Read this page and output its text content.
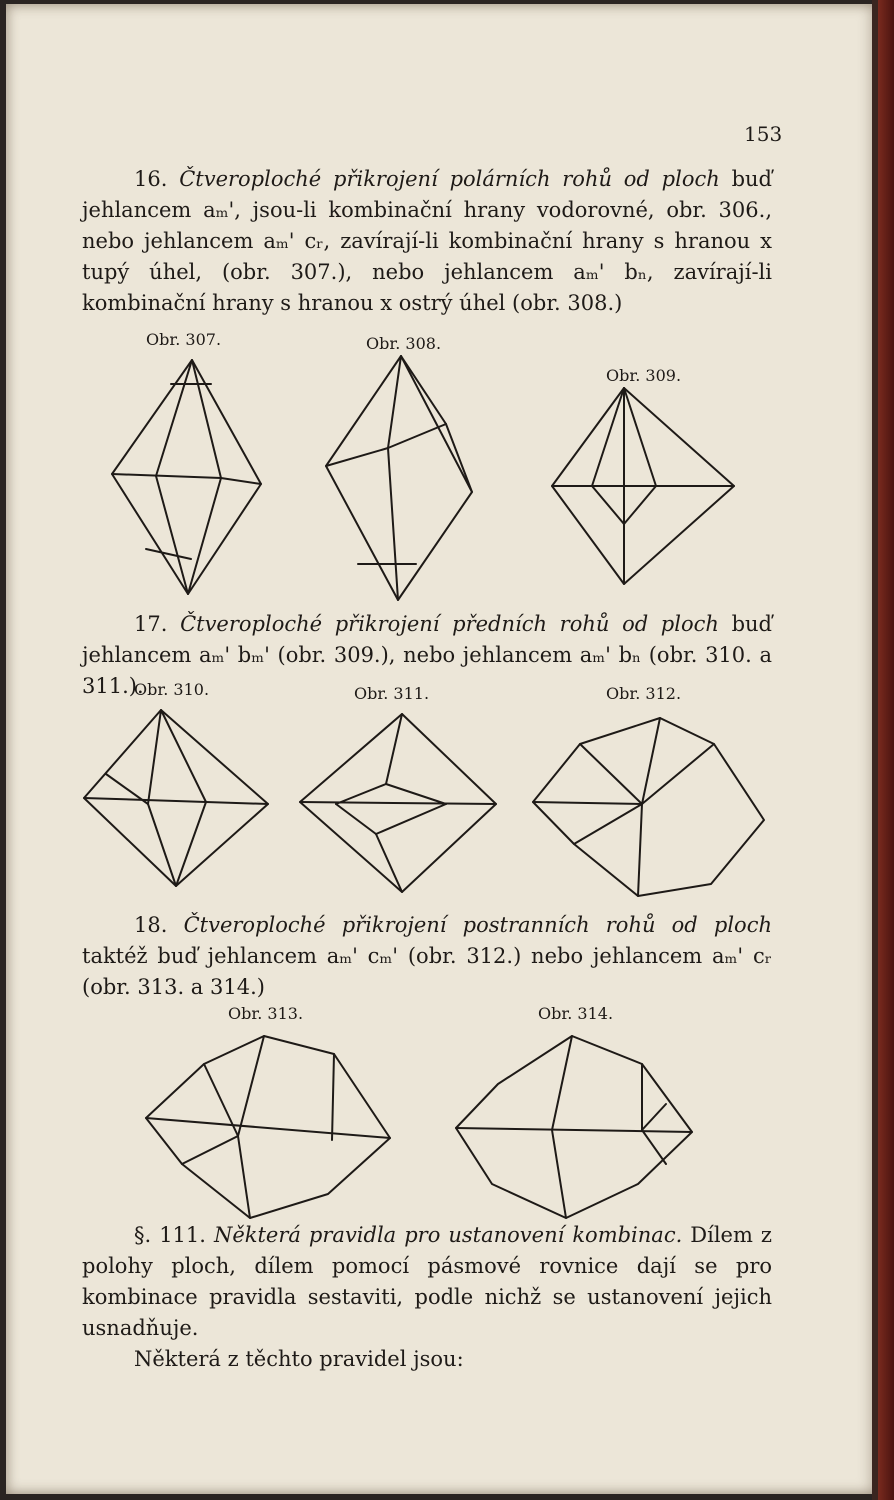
153

16. Čtveroploché přikrojení polárních rohů od ploch buď jehlancem aₘ', jsou-li kombinační hrany vodorovné, obr. 306., nebo jehlancem aₘ' cᵣ, zavírají-li kombinační hrany s hranou x tupý úhel, (obr. 307.), nebo jehlancem aₘ' bₙ, zavírají-li kombinační hrany s hranou x ostrý úhel (obr. 308.)

Obr. 307.	Obr. 308.
Obr. 309.

17. Čtveroploché přikrojení předních rohů od ploch buď jehlancem aₘ' bₘ' (obr. 309.), nebo jehlancem aₘ' bₙ (obr. 310. a 311.).

Obr. 310.	Obr. 311.	Obr. 312.

18. Čtveroploché přikrojení postranních rohů od ploch taktéž buď jehlancem aₘ' cₘ' (obr. 312.) nebo jehlancem aₘ' cᵣ (obr. 313. a 314.)

Obr. 313.	Obr. 314.

§. 111. Některá pravidla pro ustanovení kombinac. Dílem z polohy ploch, dílem pomocí pásmové rovnice dají se pro kombinace pravidla sestaviti, podle nichž se ustanovení jejich usnadňuje.
Některá z těchto pravidel jsou:
